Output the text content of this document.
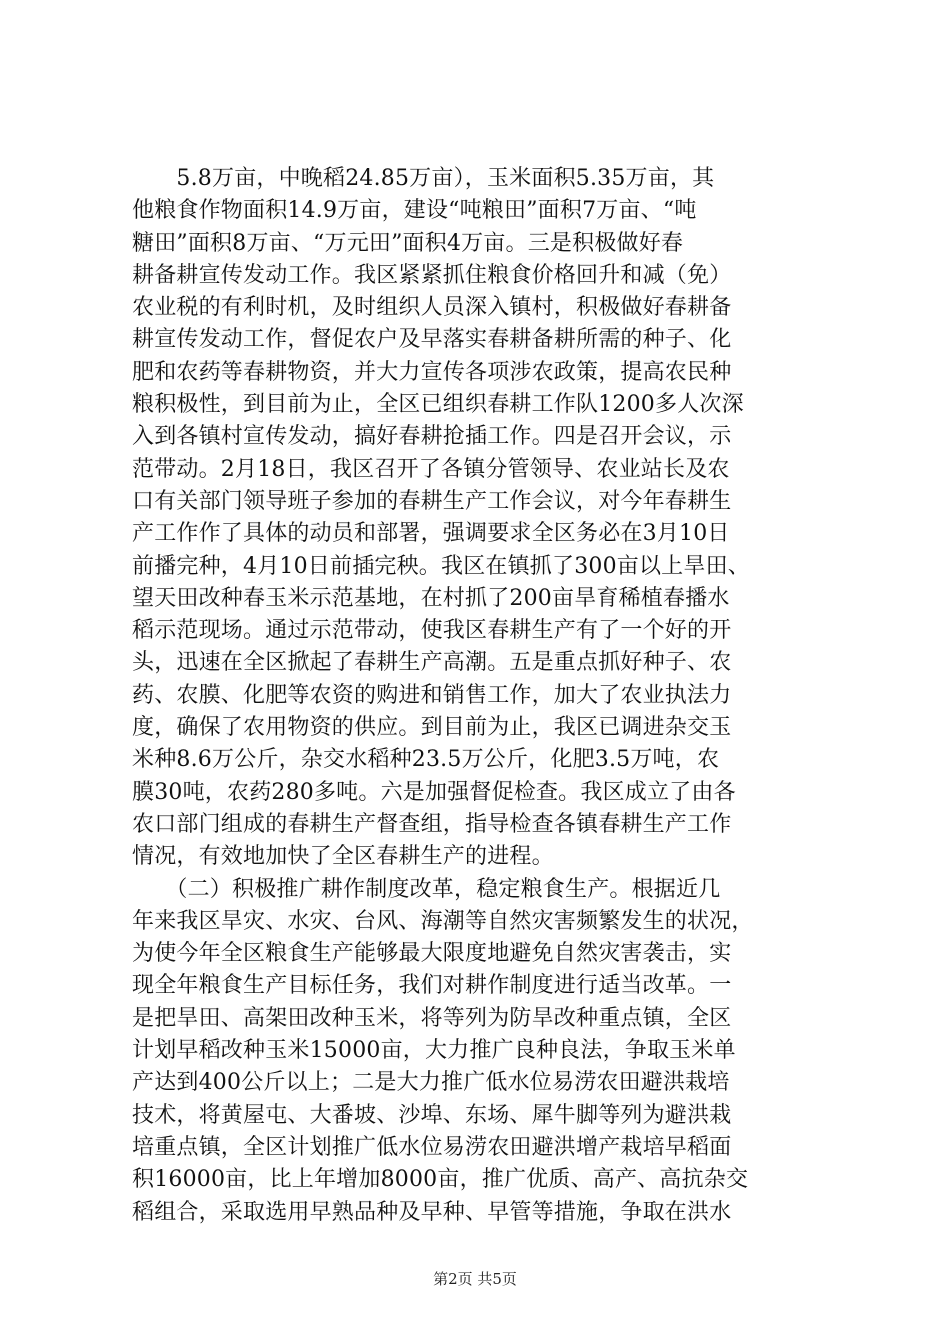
　　5.8万亩，中晚稻24.85万亩），玉米面积5.35万亩，其
他粮食作物面积14.9万亩，建设“吨粮田”面积7万亩、“吨
糖田”面积8万亩、“万元田”面积4万亩。三是积极做好春
耕备耕宣传发动工作。我区紧紧抓住粮食价格回升和减（免）
农业税的有利时机，及时组织人员深入镇村，积极做好春耕备
耕宣传发动工作，督促农户及早落实春耕备耕所需的种子、化
肥和农药等春耕物资，并大力宣传各项涉农政策，提高农民种
粮积极性，到目前为止，全区已组织春耕工作队1200多人次深
入到各镇村宣传发动，搞好春耕抢插工作。四是召开会议，示
范带动。2月18日，我区召开了各镇分管领导、农业站长及农
口有关部门领导班子参加的春耕生产工作会议，对今年春耕生
产工作作了具体的动员和部署，强调要求全区务必在3月10日
前播完种，4月10日前插完秧。我区在镇抓了300亩以上旱田、
望天田改种春玉米示范基地，在村抓了200亩旱育稀植春播水
稻示范现场。通过示范带动，使我区春耕生产有了一个好的开
头，迅速在全区掀起了春耕生产高潮。五是重点抓好种子、农
药、农膜、化肥等农资的购进和销售工作，加大了农业执法力
度，确保了农用物资的供应。到目前为止，我区已调进杂交玉
米种8.6万公斤，杂交水稻种23.5万公斤，化肥3.5万吨，农
膜30吨，农药280多吨。六是加强督促检查。我区成立了由各
农口部门组成的春耕生产督查组，指导检查各镇春耕生产工作
情况，有效地加快了全区春耕生产的进程。
　　（二）积极推广耕作制度改革，稳定粮食生产。根据近几
年来我区旱灾、水灾、台风、海潮等自然灾害频繁发生的状况，
为使今年全区粮食生产能够最大限度地避免自然灾害袭击，实
现全年粮食生产目标任务，我们对耕作制度进行适当改革。一
是把旱田、高架田改种玉米，将等列为防旱改种重点镇，全区
计划早稻改种玉米15000亩，大力推广良种良法，争取玉米单
产达到400公斤以上；二是大力推广低水位易涝农田避洪栽培
技术，将黄屋屯、大番坡、沙埠、东场、犀牛脚等列为避洪栽
培重点镇，全区计划推广低水位易涝农田避洪增产栽培早稻面
积16000亩，比上年增加8000亩，推广优质、高产、高抗杂交
稻组合，采取选用早熟品种及早种、早管等措施，争取在洪水
第2页 共5页
